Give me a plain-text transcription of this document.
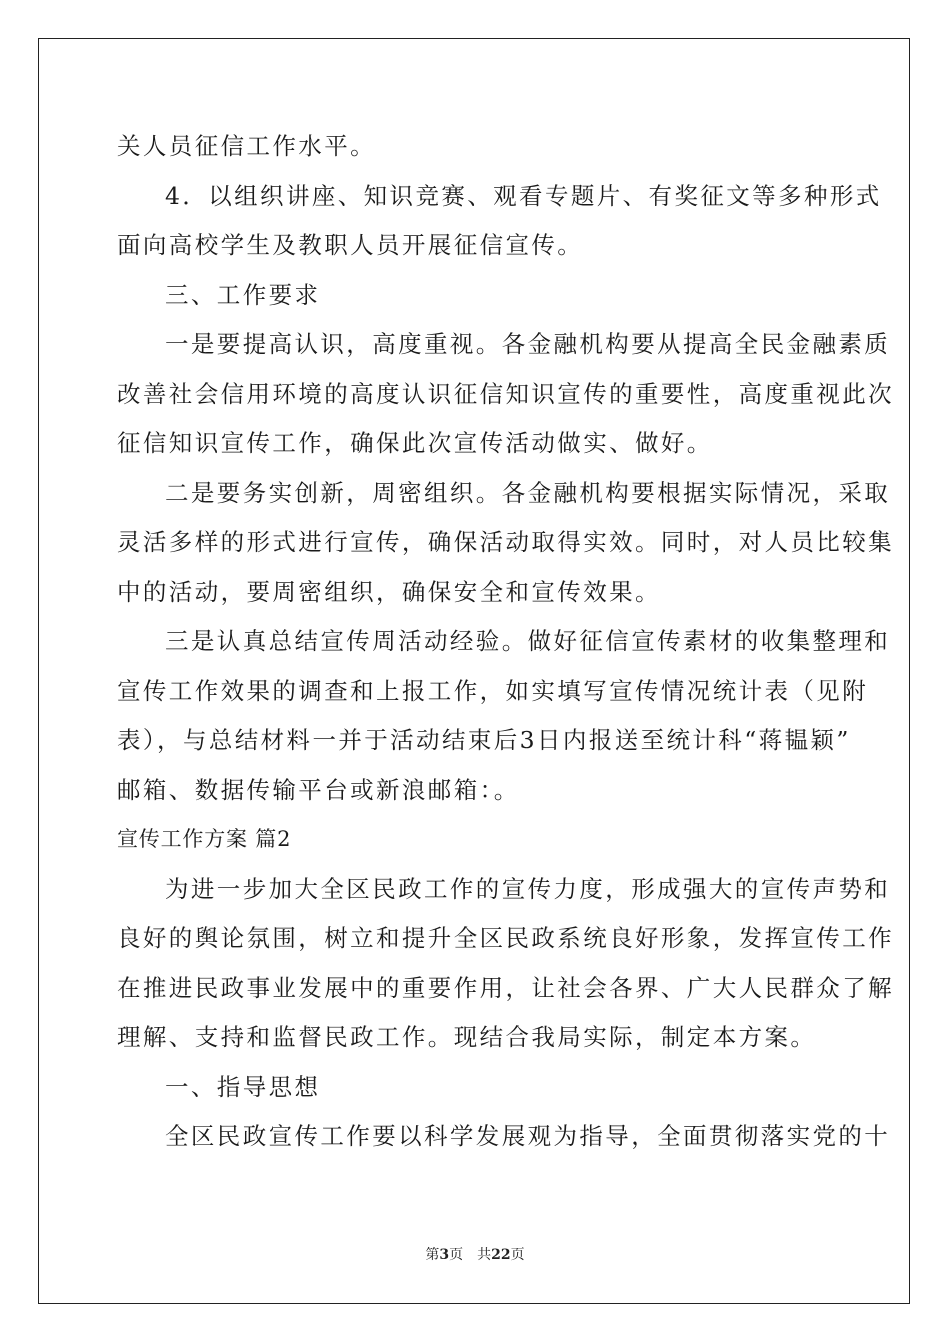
关人员征信工作水平。

4．以组织讲座、知识竞赛、观看专题片、有奖征文等多种形式

面向高校学生及教职人员开展征信宣传。

三、工作要求

一是要提高认识，高度重视。各金融机构要从提高全民金融素质

改善社会信用环境的高度认识征信知识宣传的重要性，高度重视此次

征信知识宣传工作，确保此次宣传活动做实、做好。

二是要务实创新，周密组织。各金融机构要根据实际情况，采取

灵活多样的形式进行宣传，确保活动取得实效。同时，对人员比较集

中的活动，要周密组织，确保安全和宣传效果。

三是认真总结宣传周活动经验。做好征信宣传素材的收集整理和

宣传工作效果的调查和上报工作，如实填写宣传情况统计表（见附

表），与总结材料一并于活动结束后3日内报送至统计科“蒋韫颖”

邮箱、数据传输平台或新浪邮箱：。

宣传工作方案 篇2

为进一步加大全区民政工作的宣传力度，形成强大的宣传声势和

良好的舆论氛围，树立和提升全区民政系统良好形象，发挥宣传工作

在推进民政事业发展中的重要作用，让社会各界、广大人民群众了解

理解、支持和监督民政工作。现结合我局实际，制定本方案。

一、指导思想

全区民政宣传工作要以科学发展观为指导，全面贯彻落实党的十

第3页　共22页
